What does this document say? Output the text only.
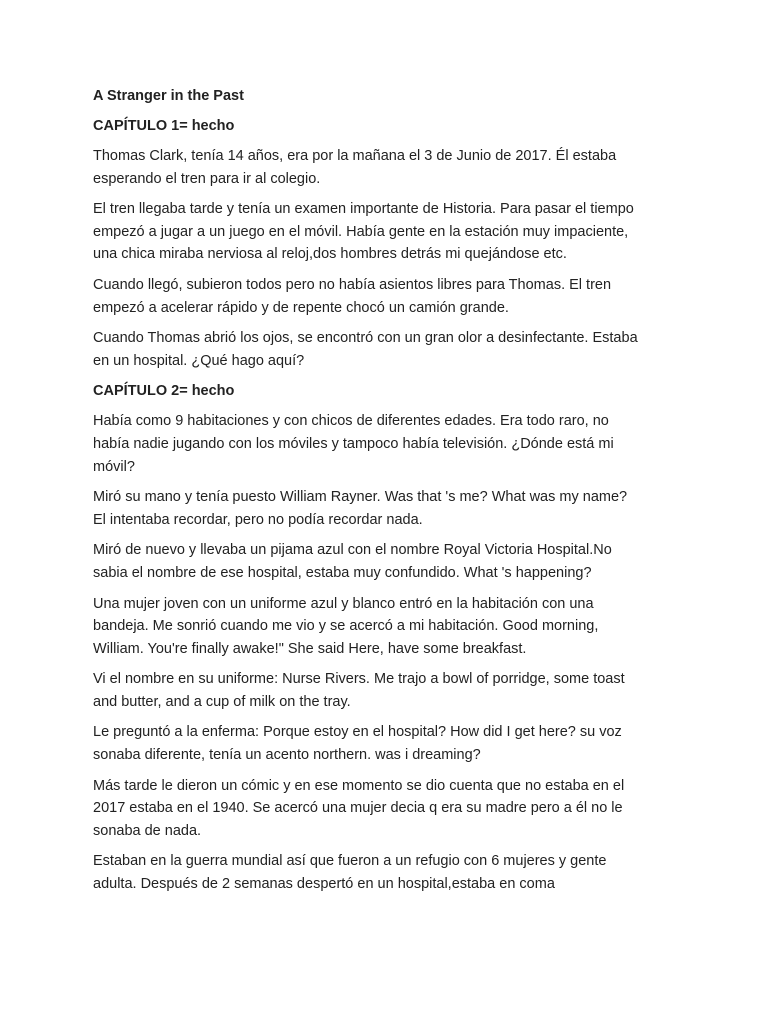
A Stranger in the Past
CAPÍTULO 1= hecho
Thomas Clark, tenía 14 años, era por la mañana el 3 de Junio de 2017. Él estaba
esperando el tren para ir al colegio.
El tren llegaba tarde y tenía un examen importante de Historia. Para pasar el tiempo
empezó a jugar a un juego en el móvil. Había gente en la estación muy impaciente,
una chica miraba nerviosa al reloj,dos hombres detrás mi quejándose etc.
Cuando llegó, subieron todos pero no había asientos libres para Thomas. El tren
empezó a acelerar rápido y de repente chocó un camión grande.
Cuando Thomas abrió los ojos, se encontró con un gran olor a desinfectante. Estaba
en un hospital. ¿Qué hago aquí?
CAPÍTULO 2= hecho
Había como 9 habitaciones y con chicos de diferentes edades. Era todo raro, no
había nadie jugando con los móviles y tampoco había televisión. ¿Dónde está mi
móvil?
Miró su mano y tenía puesto William Rayner. Was that 's me? What was my name?
El intentaba recordar, pero no podía recordar nada.
Miró de nuevo y llevaba un pijama azul con el nombre Royal Victoria Hospital.No
sabia el nombre de ese hospital, estaba muy confundido. What 's happening?
Una mujer joven con un uniforme azul y blanco entró en la habitación con una
bandeja. Me sonrió cuando me vio y se acercó a mi habitación. Good morning,
William. You're finally awake!" She said Here, have some breakfast.
Vi el nombre en su uniforme: Nurse Rivers. Me trajo a bowl of porridge, some toast
and butter, and a cup of milk on the tray.
Le preguntó a la enferma: Porque estoy en el hospital? How did I get here? su voz
sonaba diferente, tenía un acento northern. was i dreaming?
Más tarde le dieron un cómic y en ese momento se dio cuenta que no estaba en el
2017 estaba en el 1940. Se acercó una mujer decia q era su madre pero a él no le
sonaba de nada.
Estaban en la guerra mundial así que fueron a un refugio con 6 mujeres y gente
adulta. Después de 2 semanas despertó en un hospital,estaba en coma
